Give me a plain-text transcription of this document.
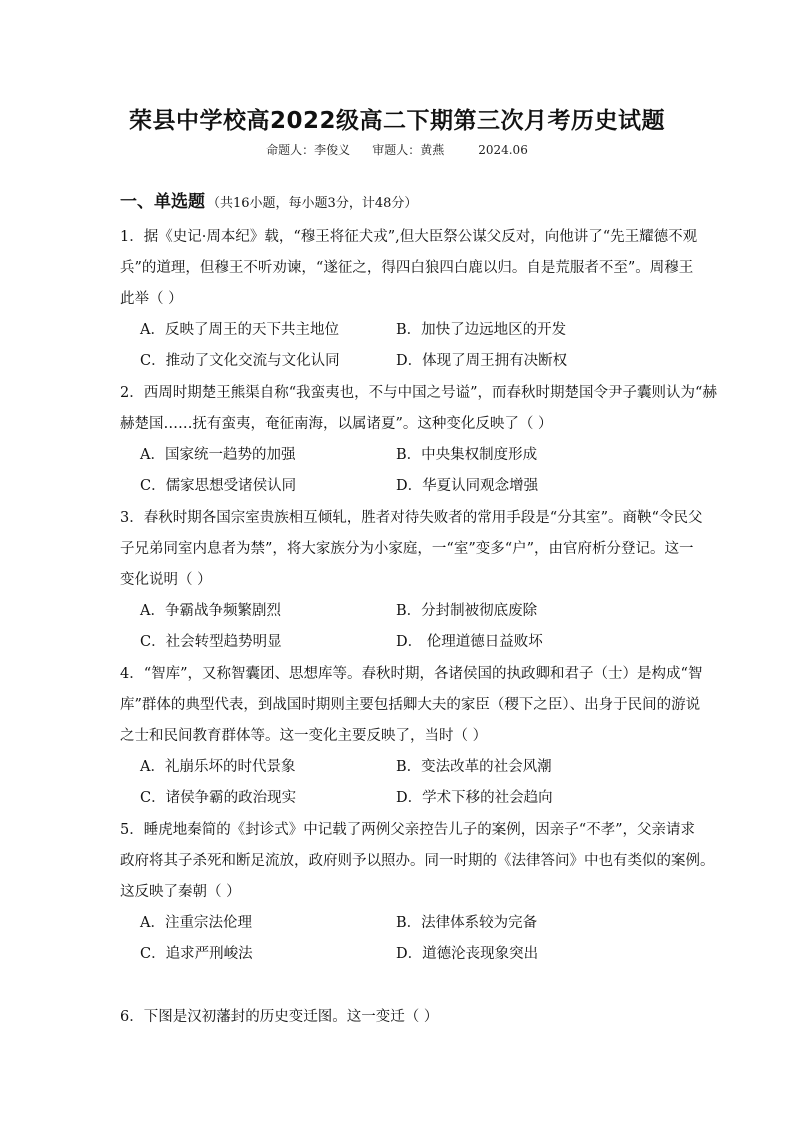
荣县中学校高2022级高二下期第三次月考历史试题
命题人：李俊义 审题人：黄燕	2024.06
一、单选题 （共16小题，每小题3分，计48分）
1．据《史记·周本纪》载，“穆王将征犬戎”,但大臣祭公谋父反对，向他讲了“先王耀德不观
兵”的道理，但穆王不听劝谏，“遂征之，得四白狼四白鹿以归。自是荒服者不至”。周穆王
此举（ ）
A．反映了周王的天下共主地位	B．加快了边远地区的开发
C．推动了文化交流与文化认同	D．体现了周王拥有决断权
2．西周时期楚王熊渠自称“我蛮夷也，不与中国之号谥”，而春秋时期楚国令尹子囊则认为“赫
赫楚国……抚有蛮夷，奄征南海，以属诸夏”。这种变化反映了（ ）
A．国家统一趋势的加强	B．中央集权制度形成
C．儒家思想受诸侯认同	D．华夏认同观念增强
3．春秋时期各国宗室贵族相互倾轧，胜者对待失败者的常用手段是“分其室”。商鞅“令民父
子兄弟同室内息者为禁”，将大家族分为小家庭，一“室”变多“户”，由官府析分登记。这一
变化说明（ ）
A．争霸战争频繁剧烈	B．分封制被彻底废除
C．社会转型趋势明显	D． 伦理道德日益败坏
4．“智库”，又称智囊团、思想库等。春秋时期，各诸侯国的执政卿和君子（士）是构成“智
库”群体的典型代表，到战国时期则主要包括卿大夫的家臣（稷下之臣）、出身于民间的游说
之士和民间教育群体等。这一变化主要反映了，当时（ ）
A．礼崩乐坏的时代景象	B．变法改革的社会风潮
C．诸侯争霸的政治现实	D．学术下移的社会趋向
5．睡虎地秦简的《封诊式》中记载了两例父亲控告儿子的案例，因亲子“不孝”，父亲请求
政府将其子杀死和断足流放，政府则予以照办。同一时期的《法律答问》中也有类似的案例。
这反映了秦朝（ ）
A．注重宗法伦理	B．法律体系较为完备
C．追求严刑峻法	D．道德沦丧现象突出
6．下图是汉初藩封的历史变迁图。这一变迁（ ）
